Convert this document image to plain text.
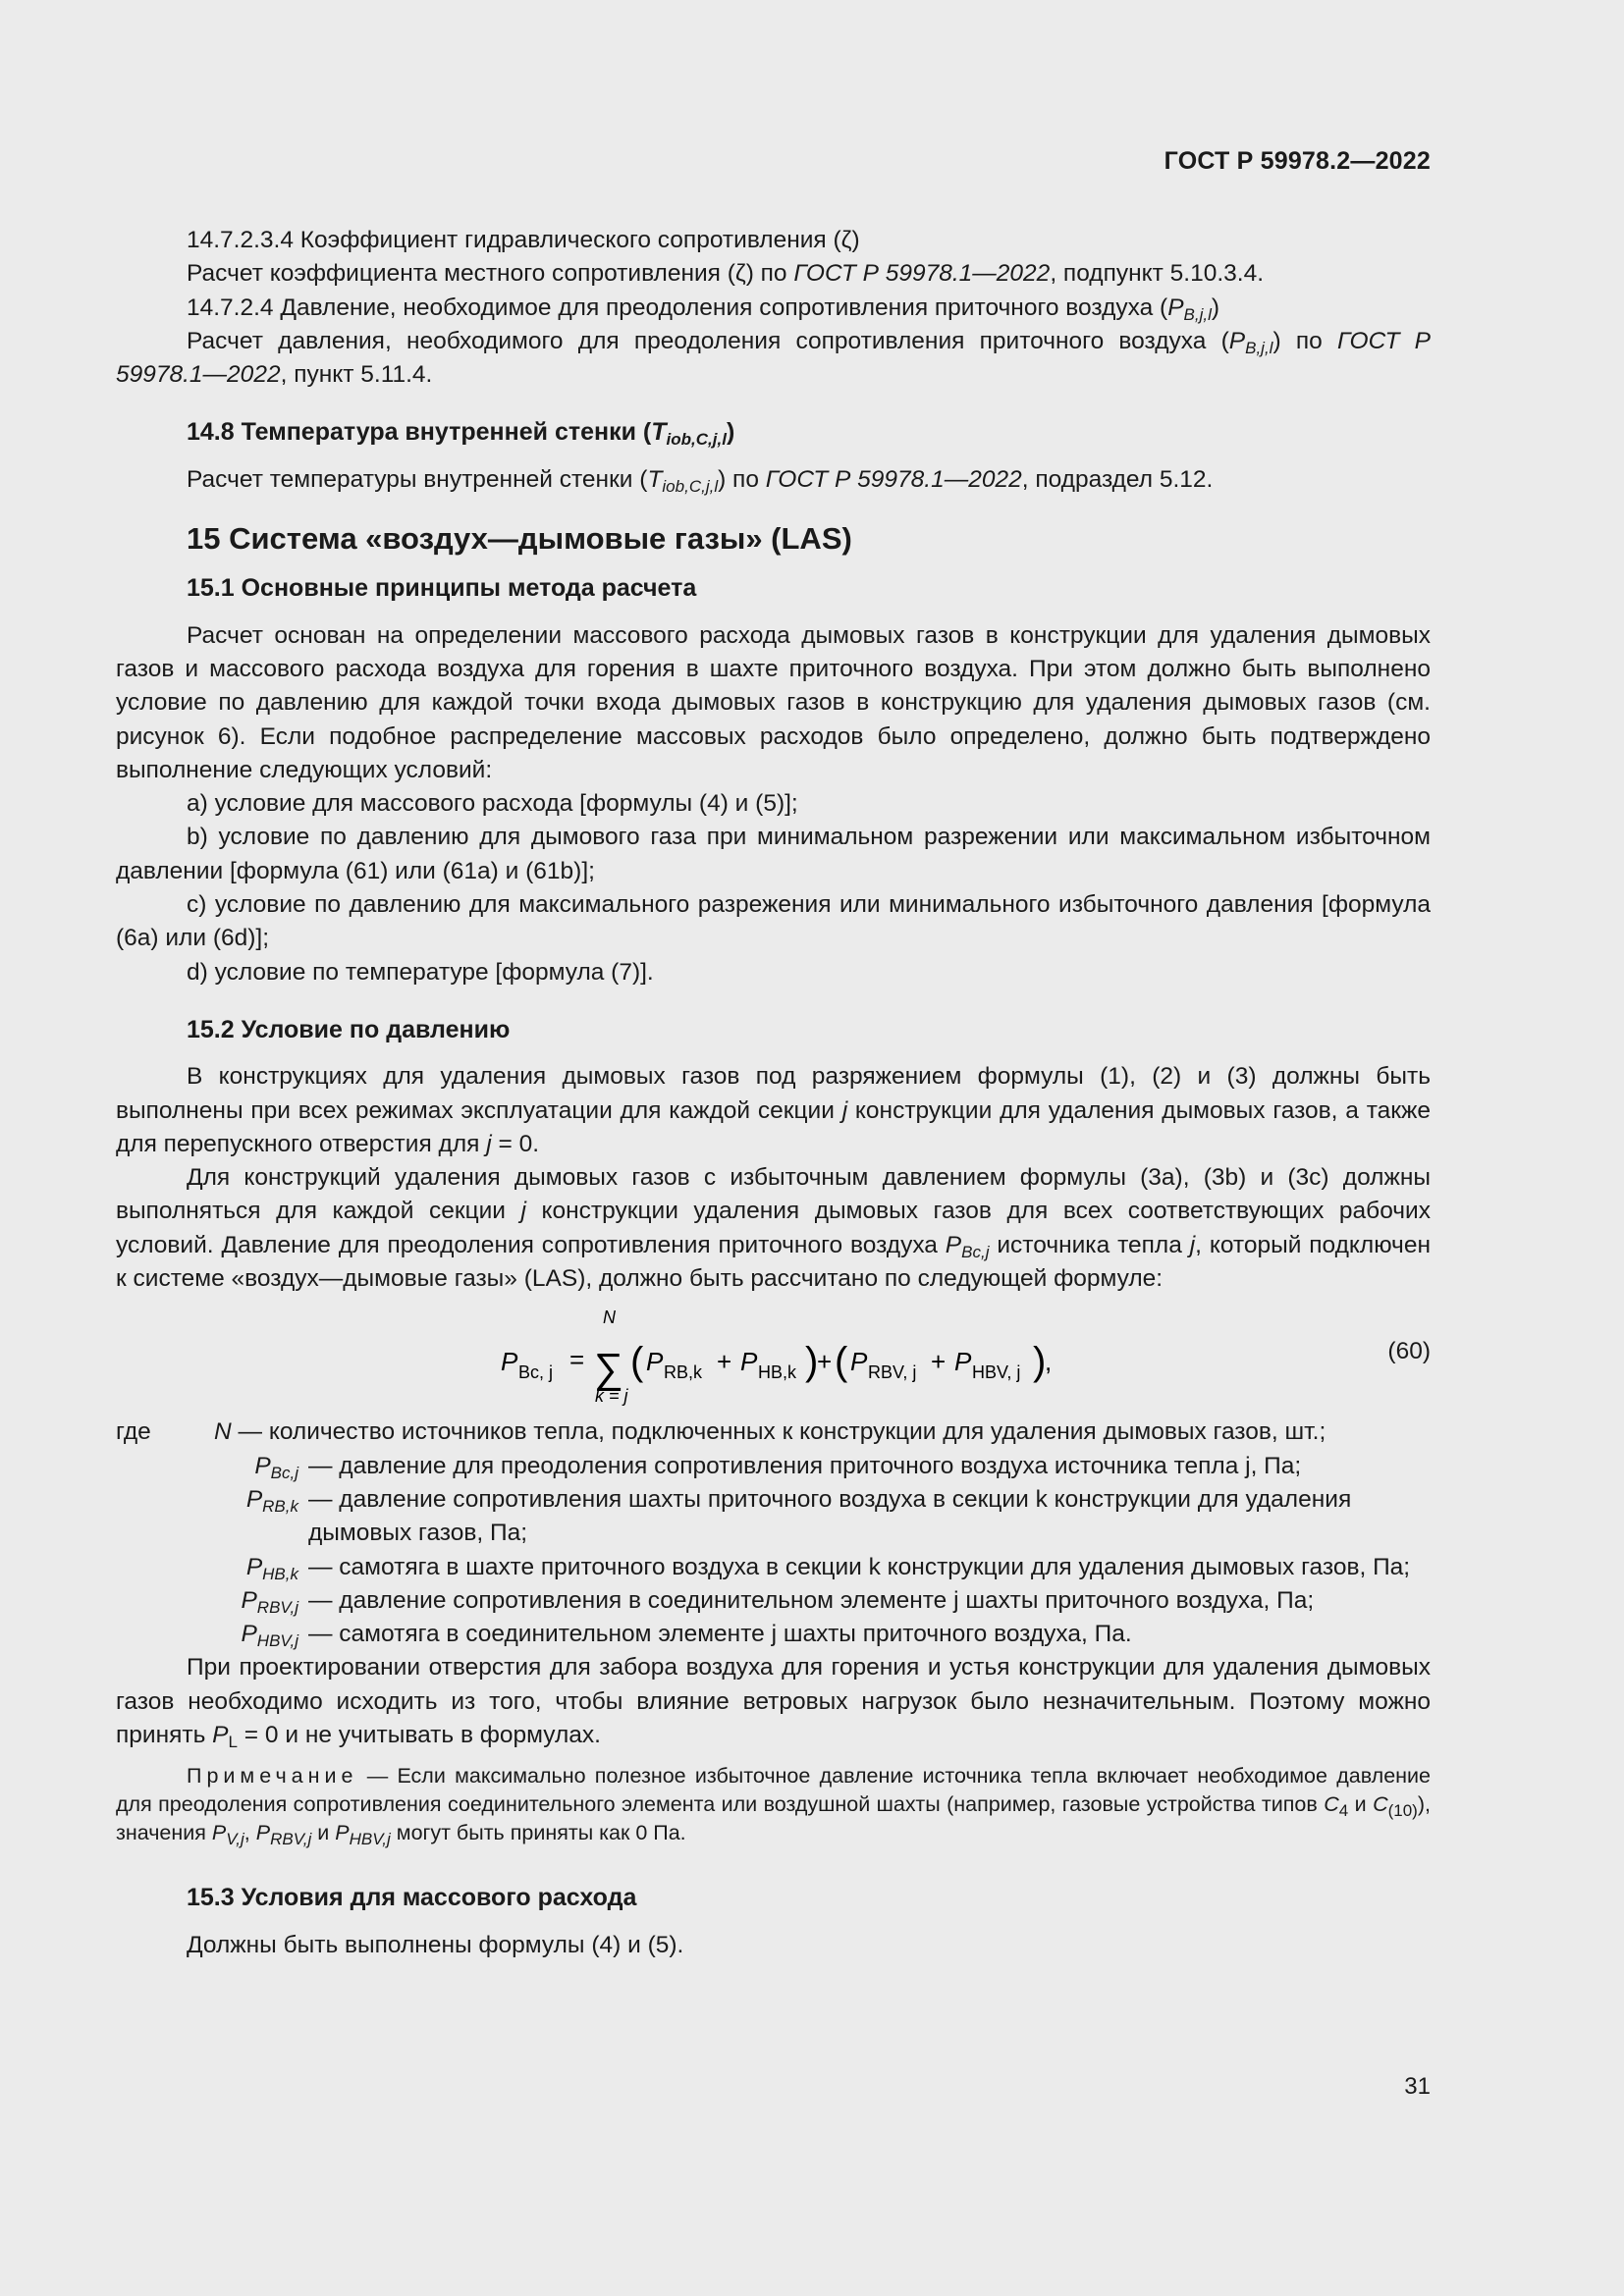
ГОСТ Р 59978.2—2022

14.7.2.3.4 Коэффициент гидравлического сопротивления (ζ)

Расчет коэффициента местного сопротивления (ζ) по ГОСТ Р 59978.1—2022, подпункт 5.10.3.4.

14.7.2.4 Давление, необходимое для преодоления сопротивления приточного воздуха $(P_{B,j,l})$

Расчет давления, необходимого для преодоления сопротивления приточного воздуха $(P_{B,j,l})$ по ГОСТ Р 59978.1—2022, пункт 5.11.4.

14.8 Температура внутренней стенки $(T_{iob,C,j,l})$

Расчет температуры внутренней стенки $(T_{iob,C,j,l})$ по ГОСТ Р 59978.1—2022, подраздел 5.12.

15 Система «воздух—дымовые газы» (LAS)
15.1 Основные принципы метода расчета

Расчет основан на определении массового расхода дымовых газов в конструкции для удаления дымовых газов и массового расхода воздуха для горения в шахте приточного воздуха. При этом должно быть выполнено условие по давлению для каждой точки входа дымовых газов в конструкцию для удаления дымовых газов (см. рисунок 6). Если подобное распределение массовых расходов было определено, должно быть подтверждено выполнение следующих условий:

a) условие для массового расхода [формулы (4) и (5)];

b) условие по давлению для дымового газа при минимальном разрежении или максимальном избыточном давлении [формула (61) или (61а) и (61b)];

c) условие по давлению для максимального разрежения или минимального избыточного давления [формула (6а) или (6d)];

d) условие по температуре [формула (7)].

15.2 Условие по давлению

В конструкциях для удаления дымовых газов под разряжением формулы (1), (2) и (3) должны быть выполнены при всех режимах эксплуатации для каждой секции j конструкции для удаления дымовых газов, а также для перепускного отверстия для j = 0.

Для конструкций удаления дымовых газов с избыточным давлением формулы (3а), (3b) и (3c) должны выполняться для каждой секции j конструкции удаления дымовых газов для всех соответствующих рабочих условий. Давление для преодоления сопротивления приточного воздуха $P_{Bc,j}$ источника тепла j, который подключен к системе «воздух—дымовые газы» (LAS), должно быть рассчитано по следующей формуле:

P Bc, j =
N
∑
k = j
( P RB,k + P HB,k )
+ ( P RBV, j + P HBV, j )
,	(60)
где	N — количество источников тепла, подключенных к конструкции для удаления дымовых газов, шт.;
$P_{Bc,j}$ — давление для преодоления сопротивления приточного воздуха источника тепла j, Па;
$P_{RB,k}$ — давление сопротивления шахты приточного воздуха в секции k конструкции для удаления дымовых газов, Па;
$P_{HB,k}$ — самотяга в шахте приточного воздуха в секции k конструкции для удаления дымовых газов, Па;
$P_{RBV,j}$ — давление сопротивления в соединительном элементе j шахты приточного воздуха, Па;
$P_{HBV,j}$ — самотяга в соединительном элементе j шахты приточного воздуха, Па.

При проектировании отверстия для забора воздуха для горения и устья конструкции для удаления дымовых газов необходимо исходить из того, чтобы влияние ветровых нагрузок было незначительным. Поэтому можно принять $P_L = 0$ и не учитывать в формулах.

Примечание — Если максимально полезное избыточное давление источника тепла включает необходимое давление для преодоления сопротивления соединительного элемента или воздушной шахты (например, газовые устройства типов $C_4$ и $C_{(10)}$), значения $P_{V,j}$, $P_{RBV,j}$ и $P_{HBV,j}$ могут быть приняты как 0 Па.

15.3 Условия для массового расхода

Должны быть выполнены формулы (4) и (5).

31
